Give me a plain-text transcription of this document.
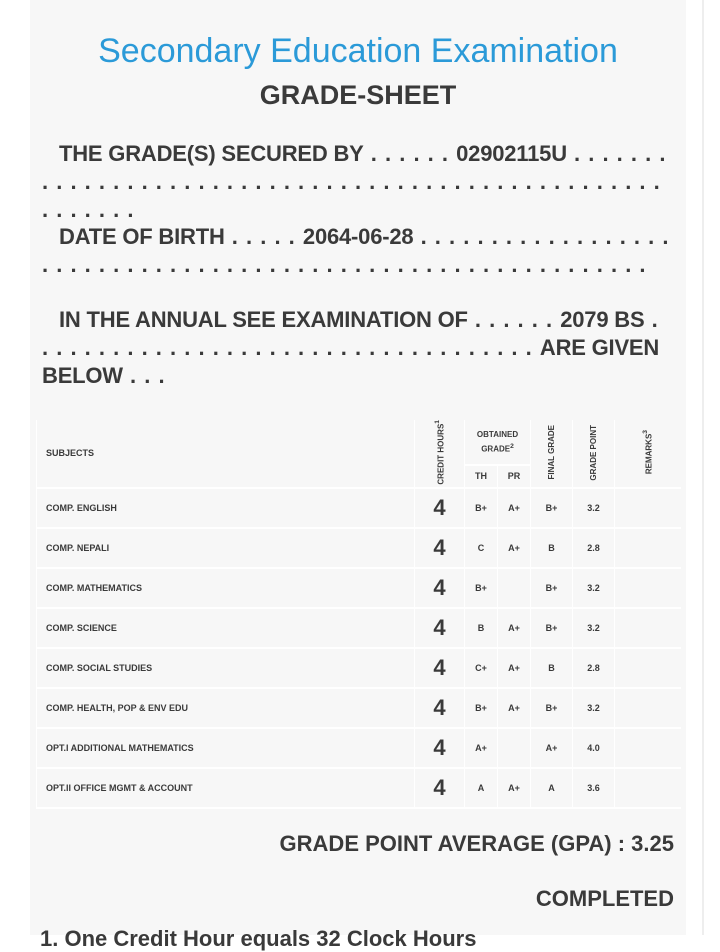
Secondary Education Examination
GRADE-SHEET
THE GRADE(S) SECURED BY . . . . . . 02902115U . . . . . . . . . . . . . . . . . . . . . . . . . . . . . . . . . . . . . . . . . . . . . . . . . . . . . . . . . .
DATE OF BIRTH . . . . . 2064-06-28 . . . . . . . . . . . . . . . . . . . . . . . . . . . . . . . . . . . . . . . . . . . . . . . . . . . . . . . . . . . . .
IN THE ANNUAL SEE EXAMINATION OF . . . . . . 2079 BS . . . . . . . . . . . . . . . . . . . . . . . . . . . . . . . . . . . . ARE GIVEN BELOW . . .
SUBJECTS	CREDIT HOURS$^1$	OBTAINED GRADE$^2$		FINAL GRADE	GRADE POINT	REMARKS$^3$
		TH	PR			
COMP. ENGLISH	4	B+	A+	B+	3.2	
COMP. NEPALI	4	C	A+	B	2.8	
COMP. MATHEMATICS	4	B+		B+	3.2	
COMP. SCIENCE	4	B	A+	B+	3.2	
COMP. SOCIAL STUDIES	4	C+	A+	B	2.8	
COMP. HEALTH, POP & ENV EDU	4	B+	A+	B+	3.2	
OPT.I ADDITIONAL MATHEMATICS	4	A+		A+	4.0	
OPT.II OFFICE MGMT & ACCOUNT	4	A	A+	A	3.6	
GRADE POINT AVERAGE (GPA) : 3.25
COMPLETED
1. One Credit Hour equals 32 Clock Hours
